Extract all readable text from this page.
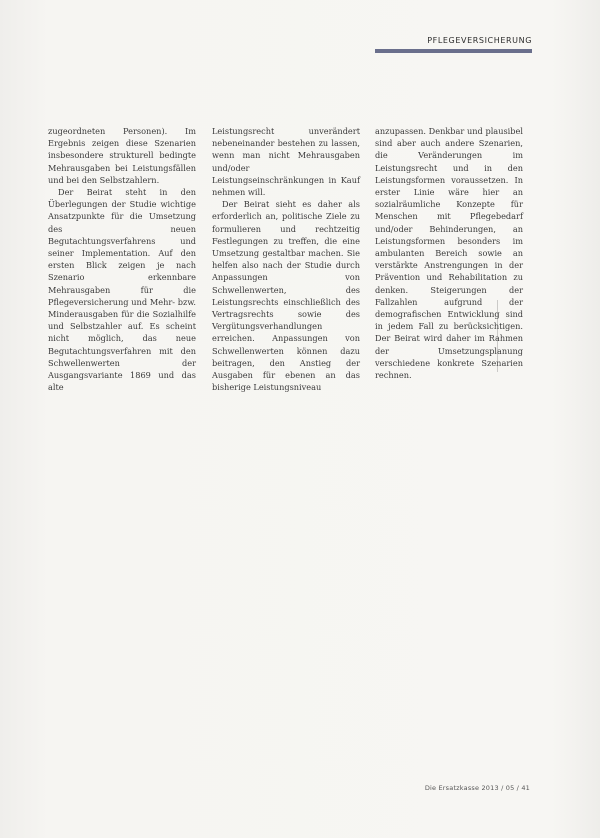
PFLEGEVERSICHERUNG

zugeordneten Personen). Im Ergebnis zeigen diese Szenarien insbesondere strukturell bedingte Mehrausgaben bei Leistungsfällen und bei den Selbstzahlern.

Der Beirat steht in den Überlegungen der Studie wichtige Ansatzpunkte für die Umsetzung des neuen Begutachtungsverfahrens und seiner Implementation. Auf den ersten Blick zeigen je nach Szenario erkennbare Mehrausgaben für die Pflegeversicherung und Mehr- bzw. Minderausgaben für die Sozialhilfe und Selbstzahler auf. Es scheint nicht möglich, das neue Begutachtungsverfahren mit den Schwellenwerten der Ausgangsvariante 1869 und das alte

Leistungsrecht unverändert nebeneinander bestehen zu lassen, wenn man nicht Mehrausgaben und/oder Leistungseinschränkungen in Kauf nehmen will.

Der Beirat sieht es daher als erforderlich an, politische Ziele zu formulieren und rechtzeitig Festlegungen zu treffen, die eine Umsetzung gestaltbar machen. Sie helfen also nach der Studie durch Anpassungen von Schwellenwerten, des Leistungsrechts einschließlich des Vertragsrechts sowie des Vergütungsverhandlungen erreichen. Anpassungen von Schwellenwerten können dazu beitragen, den Anstieg der Ausgaben für ebenen an das bisherige Leistungsniveau

anzupassen. Denkbar und plausibel sind aber auch andere Szenarien, die Veränderungen im Leistungsrecht und in den Leistungsformen voraussetzen. In erster Linie wäre hier an sozialräumliche Konzepte für Menschen mit Pflegebedarf und/oder Behinderungen, an Leistungsformen besonders im ambulanten Bereich sowie an verstärkte Anstrengungen in der Prävention und Rehabilitation zu denken. Steigerungen der Fallzahlen aufgrund der demografischen Entwicklung sind in jedem Fall zu berücksichtigen. Der Beirat wird daher im Rahmen der Umsetzungsplanung verschiedene konkrete Szenarien rechnen.

Die Ersatzkasse 2013 / 05 / 41
